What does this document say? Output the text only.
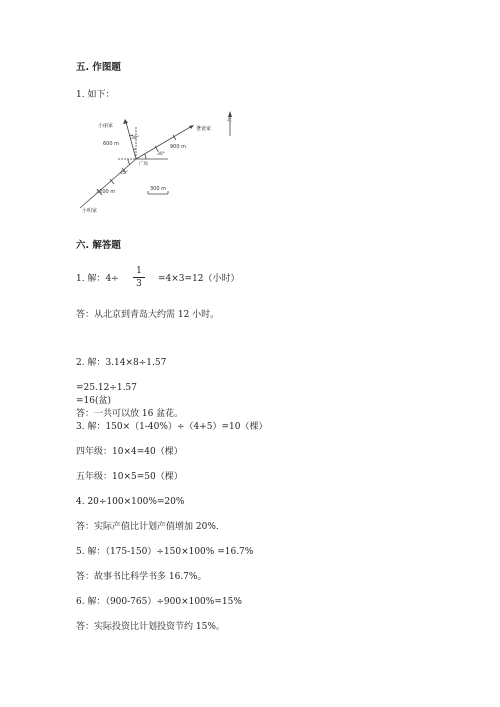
五. 作图题
1. 如下：
小丽家
600 m
30°
爸爸家
900 m
30°
北
广场
45°
1200 m
小明家
300 m
六. 解答题
1. 解：4÷
1
3	=4×3=12（小时）
答：从北京到青岛大约需 12 小时。
2. 解：3.14×8÷1.57
=25.12÷1.57
=16(盆)
答：一共可以放 16 盆花。
3. 解：150×（1-40%）÷（4+5）=10（棵）
四年级：10×4=40（棵）
五年级：10×5=50（棵）
4. 20÷100×100%=20%
答：实际产值比计划产值增加 20%.
5. 解：（175-150）÷150×100% =16.7%
答：故事书比科学书多 16.7%。
6. 解：（900-765）÷900×100%=15%
答：实际投资比计划投资节约 15%。
